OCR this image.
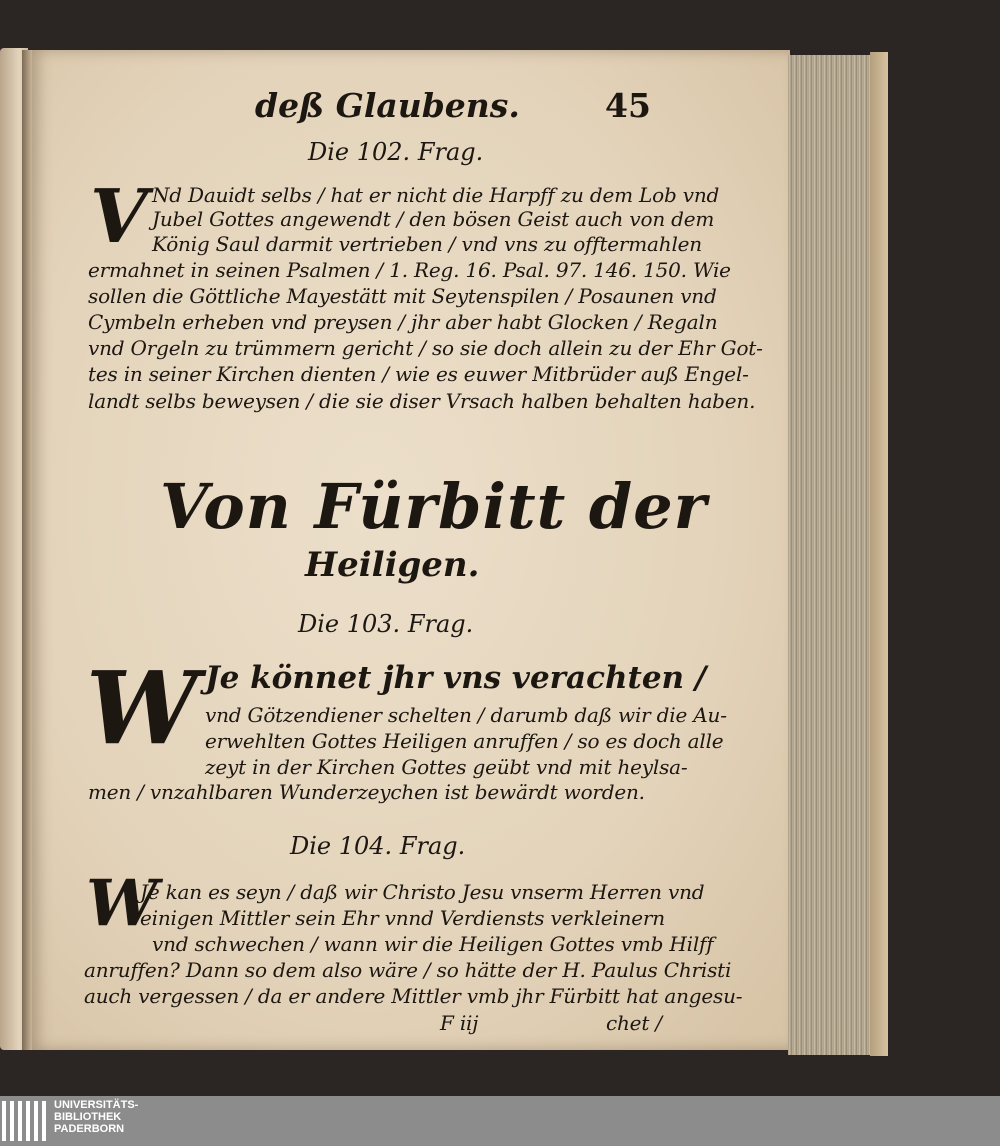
deß Glaubens.	45
Die 102. Frag.
V Nd Dauidt selbs / hat er nicht die Harpff zu dem Lob vnd
Jubel Gottes angewendt / den bösen Geist auch von dem
König Saul darmit vertrieben / vnd vns zu offtermahlen
ermahnet in seinen Psalmen / 1. Reg. 16. Psal. 97. 146. 150. Wie
sollen die Göttliche Mayestätt mit Seytenspilen / Posaunen vnd
Cymbeln erheben vnd preysen / jhr aber habt Glocken / Regaln
vnd Orgeln zu trümmern gericht / so sie doch allein zu der Ehr Got-
tes in seiner Kirchen dienten / wie es euwer Mitbrüder auß Engel-
landt selbs beweysen / die sie diser Vrsach halben behalten haben.
Von Fürbitt der
Heiligen.
Die 103. Frag.
W Je könnet jhr vns verachten /
vnd Götzendiener schelten / darumb daß wir die Au-
erwehlten Gottes Heiligen anruffen / so es doch alle
zeyt in der Kirchen Gottes geübt vnd mit heylsa-
men / vnzahlbaren Wunderzeychen ist bewärdt worden.
Die 104. Frag.
W
Je kan es seyn / daß wir Christo Jesu vnserm Herren vnd
einigen Mittler sein Ehr vnnd Verdiensts verkleinern
vnd schwechen / wann wir die Heiligen Gottes vmb Hilff
anruffen? Dann so dem also wäre / so hätte der H. Paulus Christi
auch vergessen / da er andere Mittler vmb jhr Fürbitt hat angesu-
F iij	chet /
UNIVERSITÄTS-
BIBLIOTHEK
PADERBORN
